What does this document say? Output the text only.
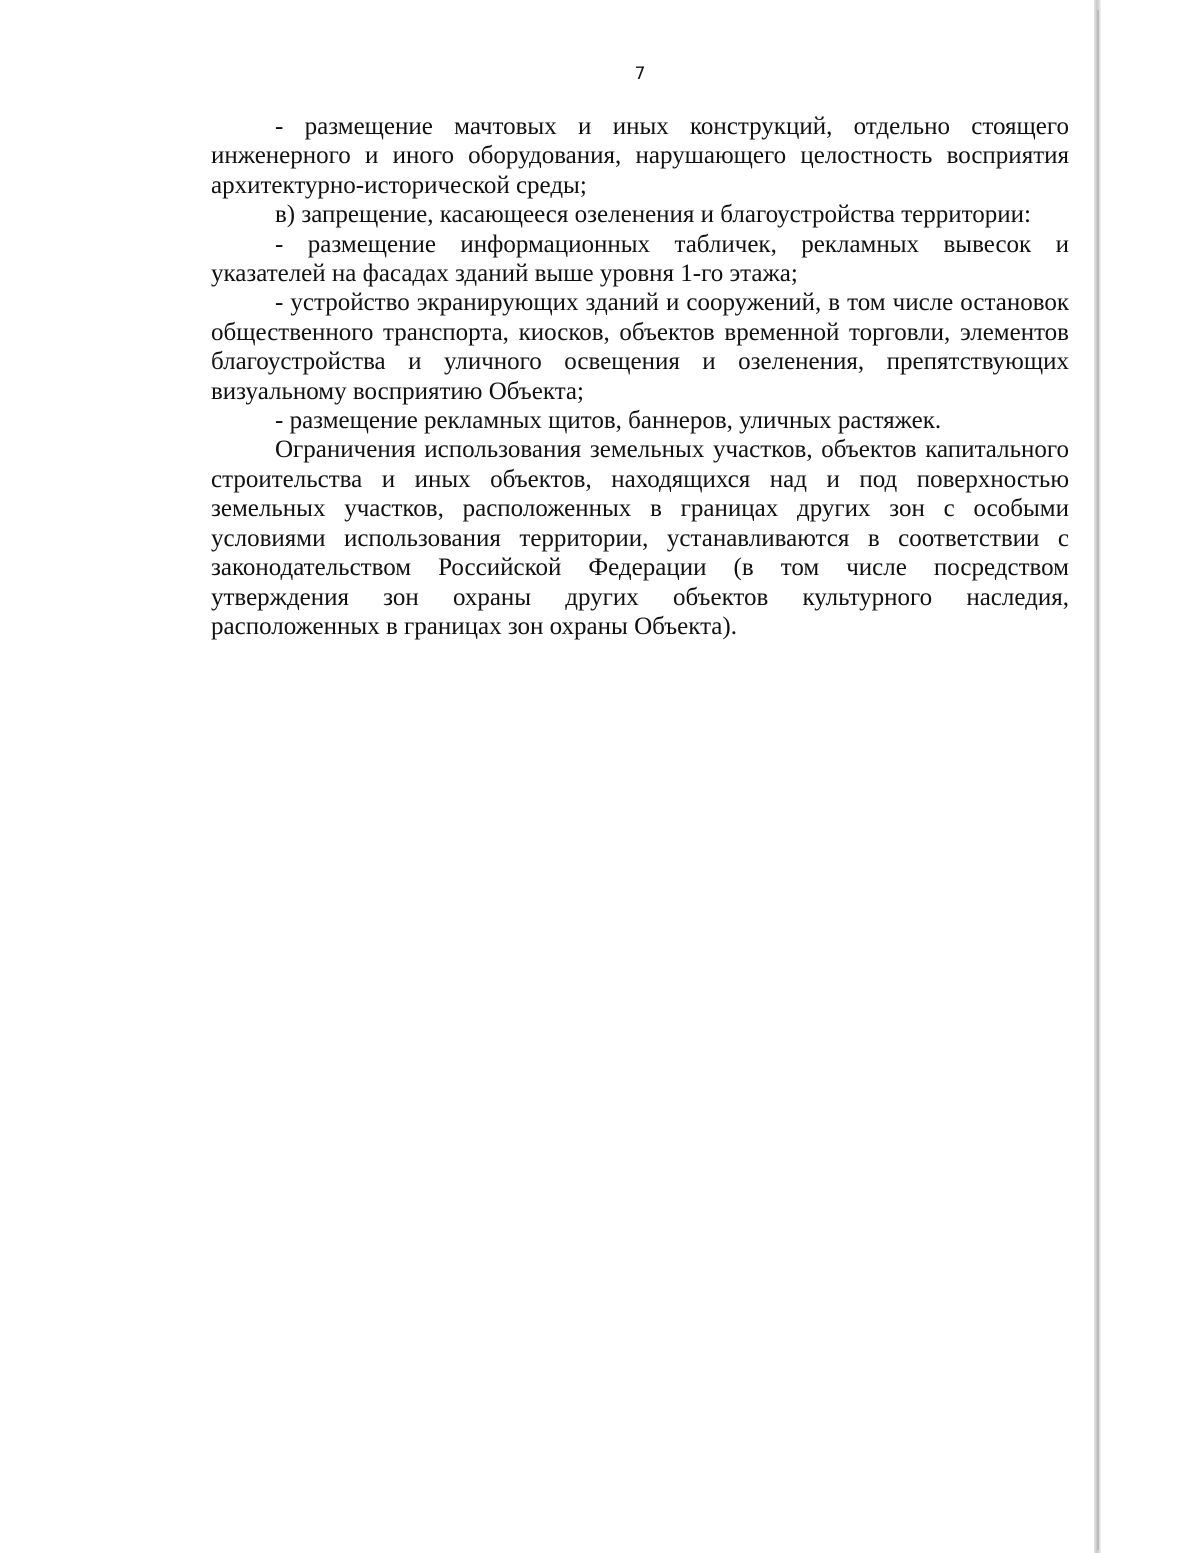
7

- размещение мачтовых и иных конструкций, отдельно стоящего инженерного и иного оборудования, нарушающего целостность восприятия архитектурно-исторической среды;

в) запрещение, касающееся озеленения и благоустройства территории:

- размещение информационных табличек, рекламных вывесок и указателей на фасадах зданий выше уровня 1-го этажа;

- устройство экранирующих зданий и сооружений, в том числе остановок общественного транспорта, киосков, объектов временной торговли, элементов благоустройства и уличного освещения и озеленения, препятствующих визуальному восприятию Объекта;

- размещение рекламных щитов, баннеров, уличных растяжек.

Ограничения использования земельных участков, объектов капитального строительства и иных объектов, находящихся над и под поверхностью земельных участков, расположенных в границах других зон с особыми условиями использования территории, устанавливаются в соответствии с законодательством Российской Федерации (в том числе посредством утверждения зон охраны других объектов культурного наследия, расположенных в границах зон охраны Объекта).
